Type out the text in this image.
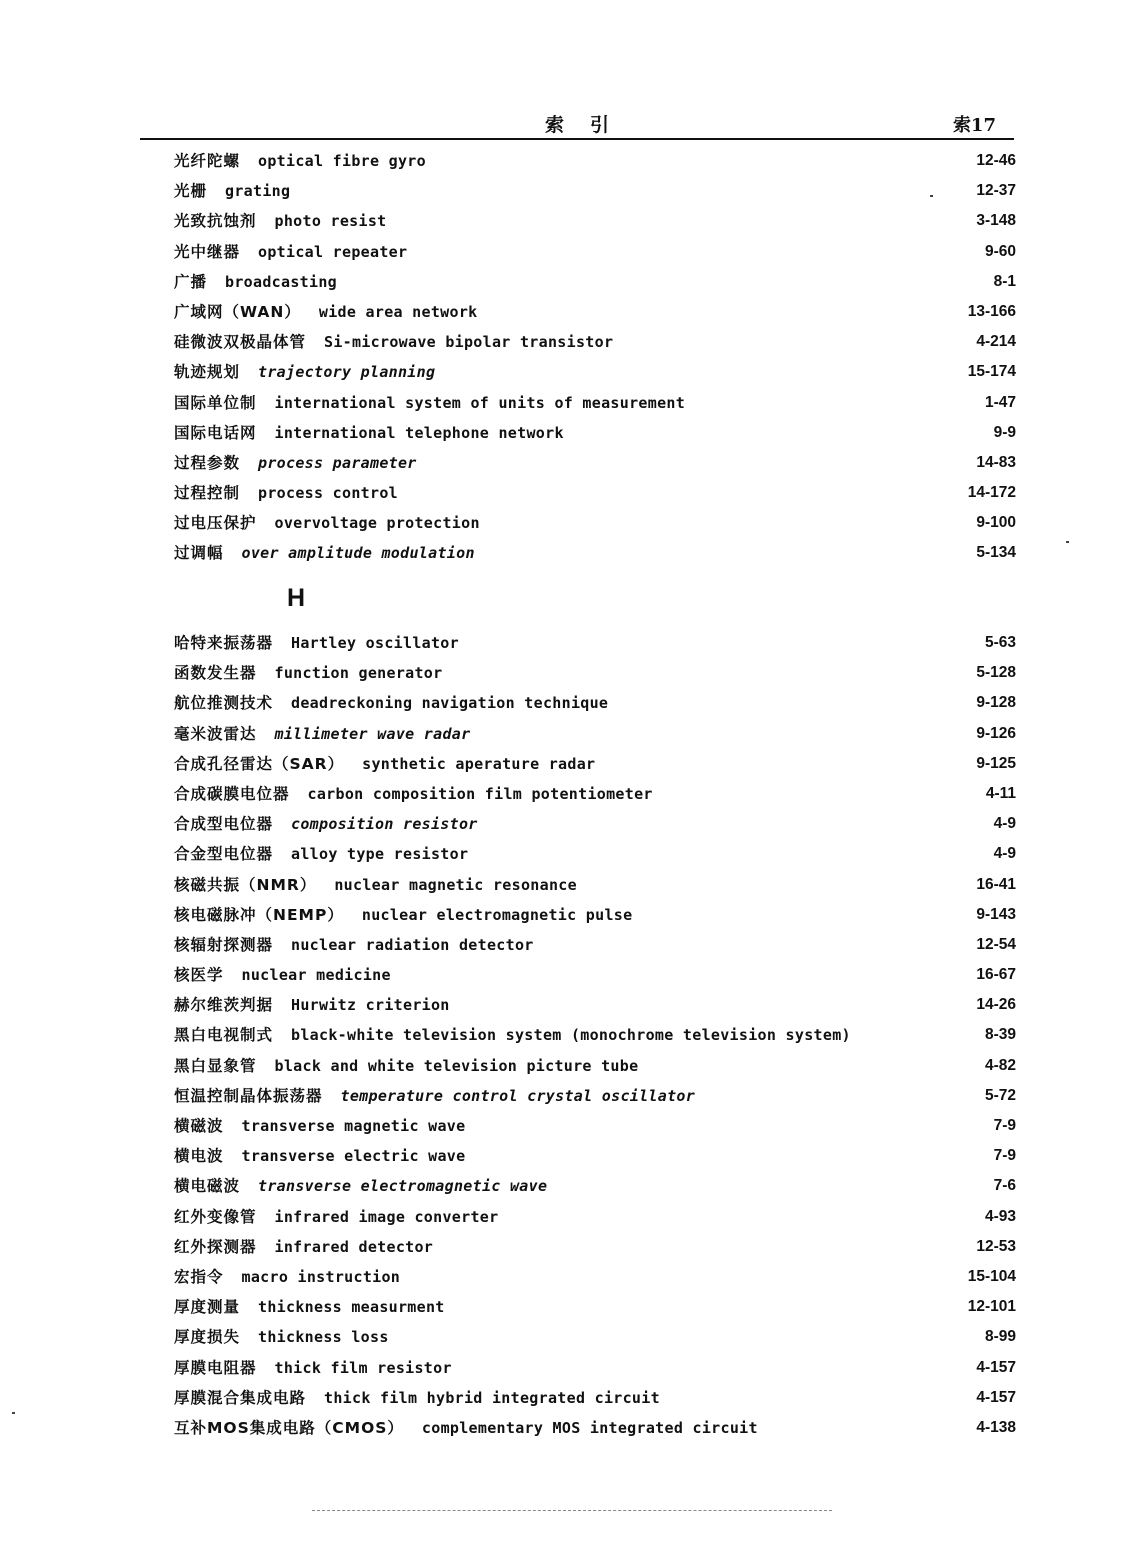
索引	索17
光纤陀螺 optical fibre gyro	12-46
光栅 grating	12-37
光致抗蚀剂 photo resist	3-148
光中继器 optical repeater	9-60
广播 broadcasting	8-1
广域网（WAN） wide area network	13-166
硅微波双极晶体管 Si-microwave bipolar transistor	4-214
轨迹规划 trajectory planning	15-174
国际单位制 international system of units of measurement	1-47
国际电话网 international telephone network	9-9
过程参数 process parameter	14-83
过程控制 process control	14-172
过电压保护 overvoltage protection	9-100
过调幅 over amplitude modulation	5-134
H
哈特来振荡器 Hartley oscillator	5-63
函数发生器 function generator	5-128
航位推测技术 deadreckoning navigation technique	9-128
毫米波雷达 millimeter wave radar	9-126
合成孔径雷达（SAR） synthetic aperature radar	9-125
合成碳膜电位器 carbon composition film potentiometer	4-11
合成型电位器 composition resistor	4-9
合金型电位器 alloy type resistor	4-9
核磁共振（NMR） nuclear magnetic resonance	16-41
核电磁脉冲（NEMP） nuclear electromagnetic pulse	9-143
核辐射探测器 nuclear radiation detector	12-54
核医学 nuclear medicine	16-67
赫尔维茨判据 Hurwitz criterion	14-26
黑白电视制式 black-white television system (monochrome television system)	8-39
黑白显象管 black and white television picture tube	4-82
恒温控制晶体振荡器 temperature control crystal oscillator	5-72
横磁波 transverse magnetic wave	7-9
横电波 transverse electric wave	7-9
横电磁波 transverse electromagnetic wave	7-6
红外变像管 infrared image converter	4-93
红外探测器 infrared detector	12-53
宏指令 macro instruction	15-104
厚度测量 thickness measurment	12-101
厚度损失 thickness loss	8-99
厚膜电阻器 thick film resistor	4-157
厚膜混合集成电路 thick film hybrid integrated circuit	4-157
互补MOS集成电路（CMOS） complementary MOS integrated circuit	4-138
